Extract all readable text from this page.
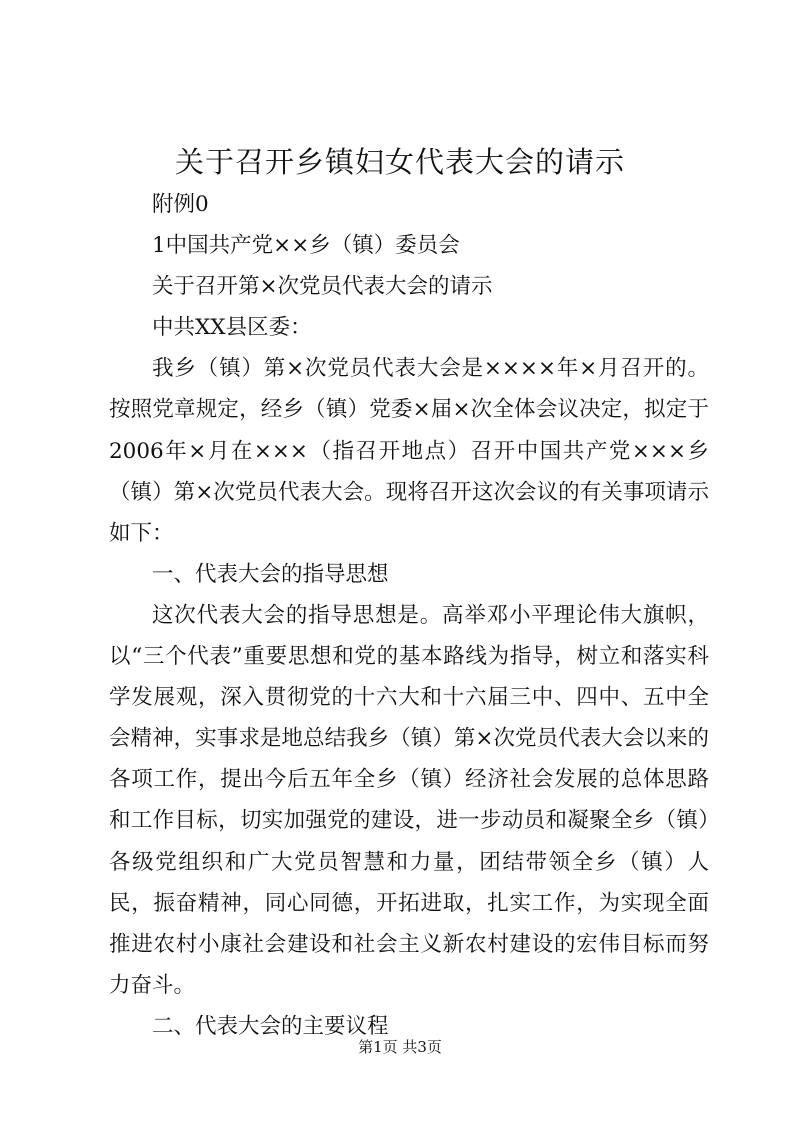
关于召开乡镇妇女代表大会的请示

附例0

1中国共产党××乡（镇）委员会

关于召开第×次党员代表大会的请示

中共XX县区委：

我乡（镇）第×次党员代表大会是××××年×月召开的。按照党章规定，经乡（镇）党委×届×次全体会议决定，拟定于2006年×月在×××（指召开地点）召开中国共产党×××乡（镇）第×次党员代表大会。现将召开这次会议的有关事项请示如下：

一、代表大会的指导思想

这次代表大会的指导思想是。高举邓小平理论伟大旗帜，以“三个代表”重要思想和党的基本路线为指导，树立和落实科学发展观，深入贯彻党的十六大和十六届三中、四中、五中全会精神，实事求是地总结我乡（镇）第×次党员代表大会以来的各项工作，提出今后五年全乡（镇）经济社会发展的总体思路和工作目标，切实加强党的建设，进一步动员和凝聚全乡（镇）各级党组织和广大党员智慧和力量，团结带领全乡（镇）人民，振奋精神，同心同德，开拓进取，扎实工作，为实现全面推进农村小康社会建设和社会主义新农村建设的宏伟目标而努力奋斗。

二、代表大会的主要议程

第1页 共3页
